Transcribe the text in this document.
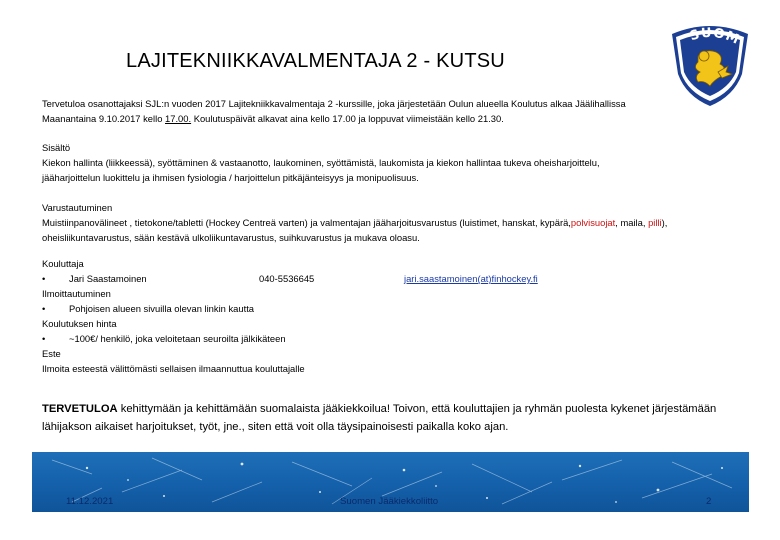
LAJITEKNIIKKAVALMENTAJA 2 - KUTSU
SUOM
Tervetuloa osanottajaksi SJL:n vuoden 2017 Lajitekniikkavalmentaja 2 -kurssille, joka järjestetään Oulun alueella Koulutus alkaa Jäälihallissa
Maanantaina 9.10.2017 kello 17.00. Koulutuspäivät alkavat aina kello 17.00 ja loppuvat viimeistään kello 21.30.
Sisältö
Kiekon hallinta (liikkeessä), syöttäminen & vastaanotto, laukominen, syöttämistä, laukomista ja kiekon hallintaa tukeva oheisharjoittelu,
jääharjoittelun luokittelu ja ihmisen fysiologia / harjoittelun pitkäjänteisyys ja monipuolisuus.
Varustautuminen
Muistiinpanovälineet , tietokone/tabletti (Hockey Centreä varten) ja valmentajan jääharjoitusvarustus (luistimet, hanskat, kypärä,polvisuojat, maila, pilli),
oheisliikuntavarustus, sään kestävä ulkoliikuntavarustus, suihkuvarustus ja mukava oloasu.
Kouluttaja
•	Jari Saastamoinen	040-5536645	jari.saastamoinen(at)finhockey.fi
Ilmoittautuminen
•	Pohjoisen alueen sivuilla olevan linkin kautta
Koulutuksen hinta
•	~100€/ henkilö, joka veloitetaan seuroilta jälkikäteen
Este
Ilmoita esteestä välittömästi sellaisen ilmaannuttua kouluttajalle
TERVETULOA kehittymään ja kehittämään suomalaista jääkiekkoilua! Toivon, että kouluttajien ja ryhmän puolesta kykenet järjestämään
lähijakson aikaiset harjoitukset, työt, jne., siten että voit olla täysipainoisesti paikalla koko ajan.
11.12.2021	Suomen Jääkiekkoliitto	2
